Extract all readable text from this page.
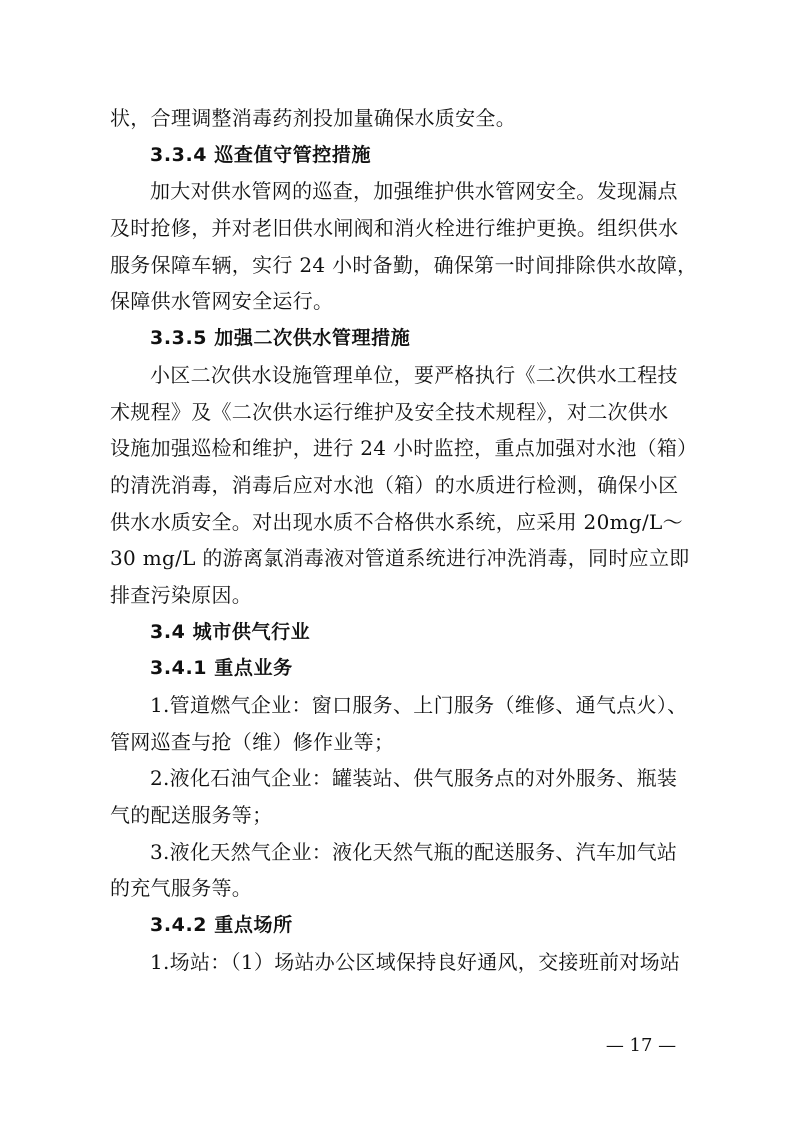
状，合理调整消毒药剂投加量确保水质安全。
3.3.4 巡查值守管控措施
加大对供水管网的巡查，加强维护供水管网安全。发现漏点
及时抢修，并对老旧供水闸阀和消火栓进行维护更换。组织供水
服务保障车辆，实行 24 小时备勤，确保第一时间排除供水故障，
保障供水管网安全运行。
3.3.5 加强二次供水管理措施
小区二次供水设施管理单位，要严格执行《二次供水工程技
术规程》及《二次供水运行维护及安全技术规程》，对二次供水
设施加强巡检和维护，进行 24 小时监控，重点加强对水池（箱）
的清洗消毒，消毒后应对水池（箱）的水质进行检测，确保小区
供水水质安全。对出现水质不合格供水系统，应采用 20mg/L～
30 mg/L 的游离氯消毒液对管道系统进行冲洗消毒，同时应立即
排查污染原因。
3.4 城市供气行业
3.4.1 重点业务
1.管道燃气企业：窗口服务、上门服务（维修、通气点火）、
管网巡查与抢（维）修作业等；
2.液化石油气企业：罐装站、供气服务点的对外服务、瓶装
气的配送服务等；
3.液化天然气企业：液化天然气瓶的配送服务、汽车加气站
的充气服务等。
3.4.2 重点场所
1.场站：（1）场站办公区域保持良好通风，交接班前对场站
— 17 —
